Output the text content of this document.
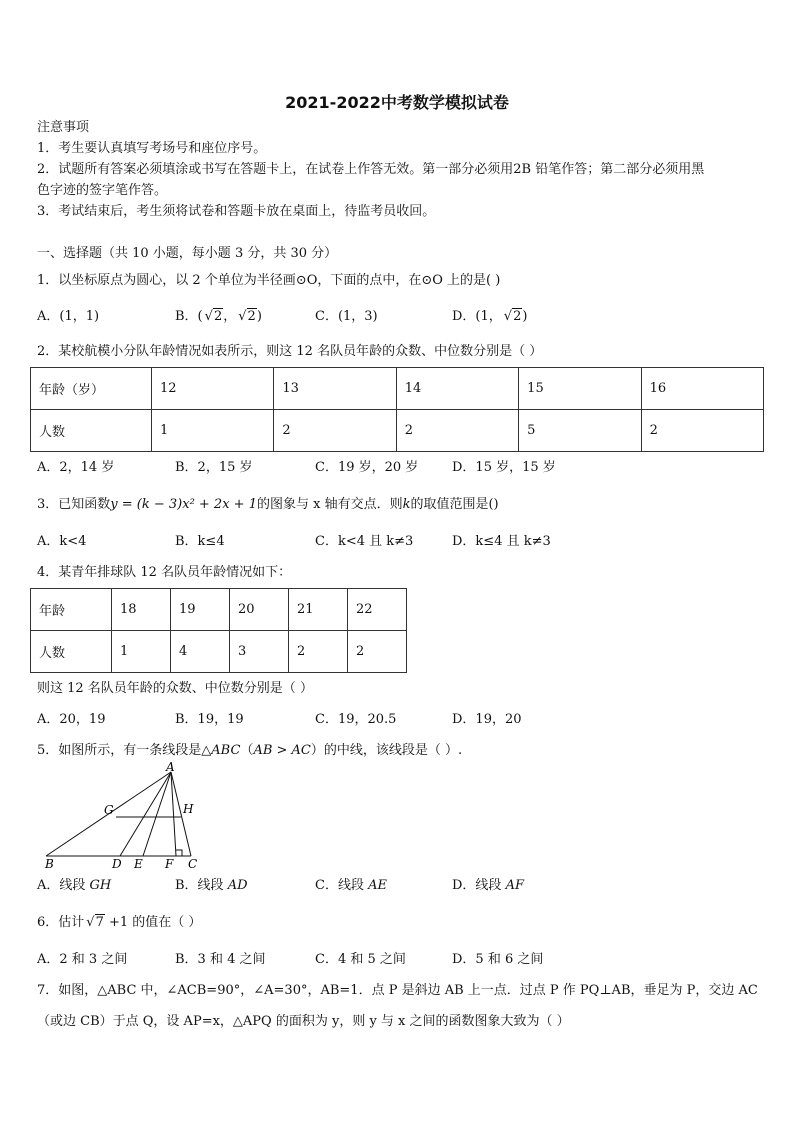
2021-2022中考数学模拟试卷
注意事项
1．考生要认真填写考场号和座位序号。
2．试题所有答案必须填涂或书写在答题卡上，在试卷上作答无效。第一部分必须用2B 铅笔作答；第二部分必须用黑
色字迹的签字笔作答。
3．考试结束后，考生须将试卷和答题卡放在桌面上，待监考员收回。
一、选择题（共 10 小题，每小题 3 分，共 30 分）
1．以坐标原点为圆心，以 2 个单位为半径画⊙O，下面的点中，在⊙O 上的是( )
A．(1，1)	B．( √2， √2)	C．(1，3)	D．(1， √2)
2．某校航模小分队年龄情况如表所示，则这 12 名队员年龄的众数、中位数分别是（ ）
年龄（岁）	12	13	14	15	16
人数	1	2	2	5	2
A．2，14 岁	B．2，15 岁	C．19 岁，20 岁	D．15 岁，15 岁
3．已知函数y = (k − 3)x² + 2x + 1的图象与 x 轴有交点．则k的取值范围是()
A．k<4	B．k≤4	C．k<4 且 k≠3	D．k≤4 且 k≠3
4．某青年排球队 12 名队员年龄情况如下：
年龄	18	19	20	21	22
人数	1	4	3	2	2
则这 12 名队员年龄的众数、中位数分别是（ ）
A．20，19	B．19，19	C．19，20.5	D．19，20
5．如图所示，有一条线段是△ABC（AB > AC）的中线，该线段是（ ）.
A
G	H
B	D E F C
A．线段 GH	B．线段 AD	C．线段 AE	D．线段 AF
6．估计 √7 +1 的值在（ ）
A．2 和 3 之间	B．3 和 4 之间	C．4 和 5 之间	D．5 和 6 之间
7．如图，△ABC 中，∠ACB=90°，∠A=30°，AB=1．点 P 是斜边 AB 上一点．过点 P 作 PQ⊥AB，垂足为 P，交边 AC
（或边 CB）于点 Q，设 AP=x，△APQ 的面积为 y，则 y 与 x 之间的函数图象大致为（ ）
